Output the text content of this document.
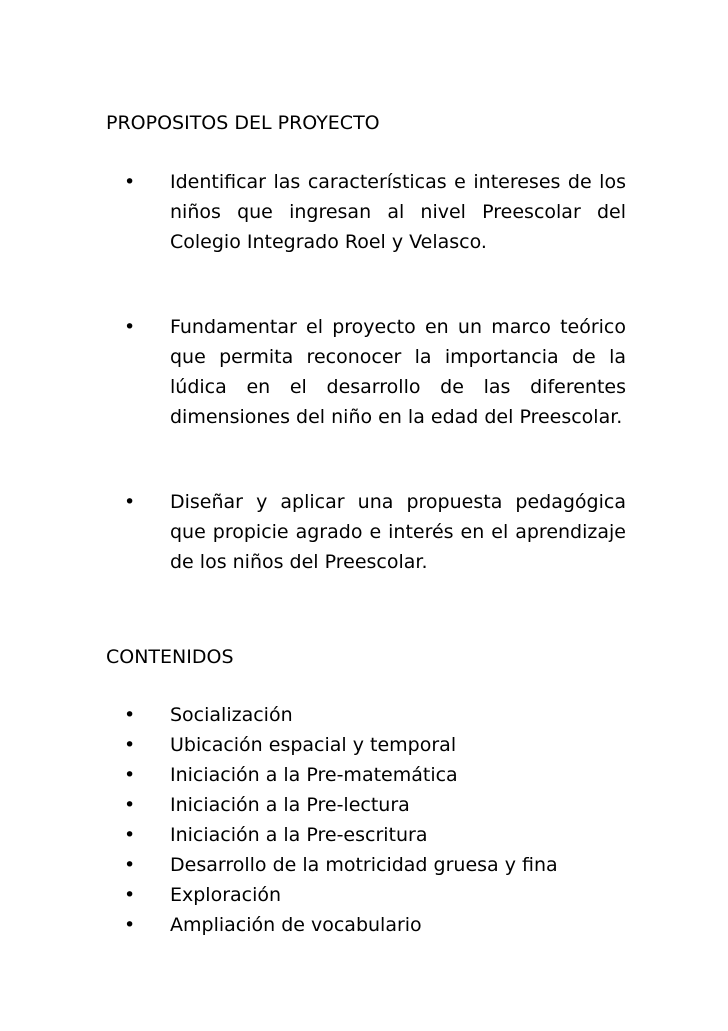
PROPOSITOS DEL PROYECTO
• Identificar las características e intereses de los niños que ingresan al nivel Preescolar del Colegio Integrado Roel y Velasco.

• Fundamentar el proyecto en un marco teórico que permita reconocer la importancia de la lúdica en el desarrollo de las diferentes dimensiones del niño en la edad del Preescolar.

• Diseñar y aplicar una propuesta pedagógica que propicie agrado e interés en el aprendizaje de los niños del Preescolar.

CONTENIDOS
• Socialización
• Ubicación espacial y temporal
• Iniciación a la Pre-matemática
• Iniciación a la Pre-lectura
• Iniciación a la Pre-escritura
• Desarrollo de la motricidad gruesa y fina
• Exploración
• Ampliación de vocabulario
